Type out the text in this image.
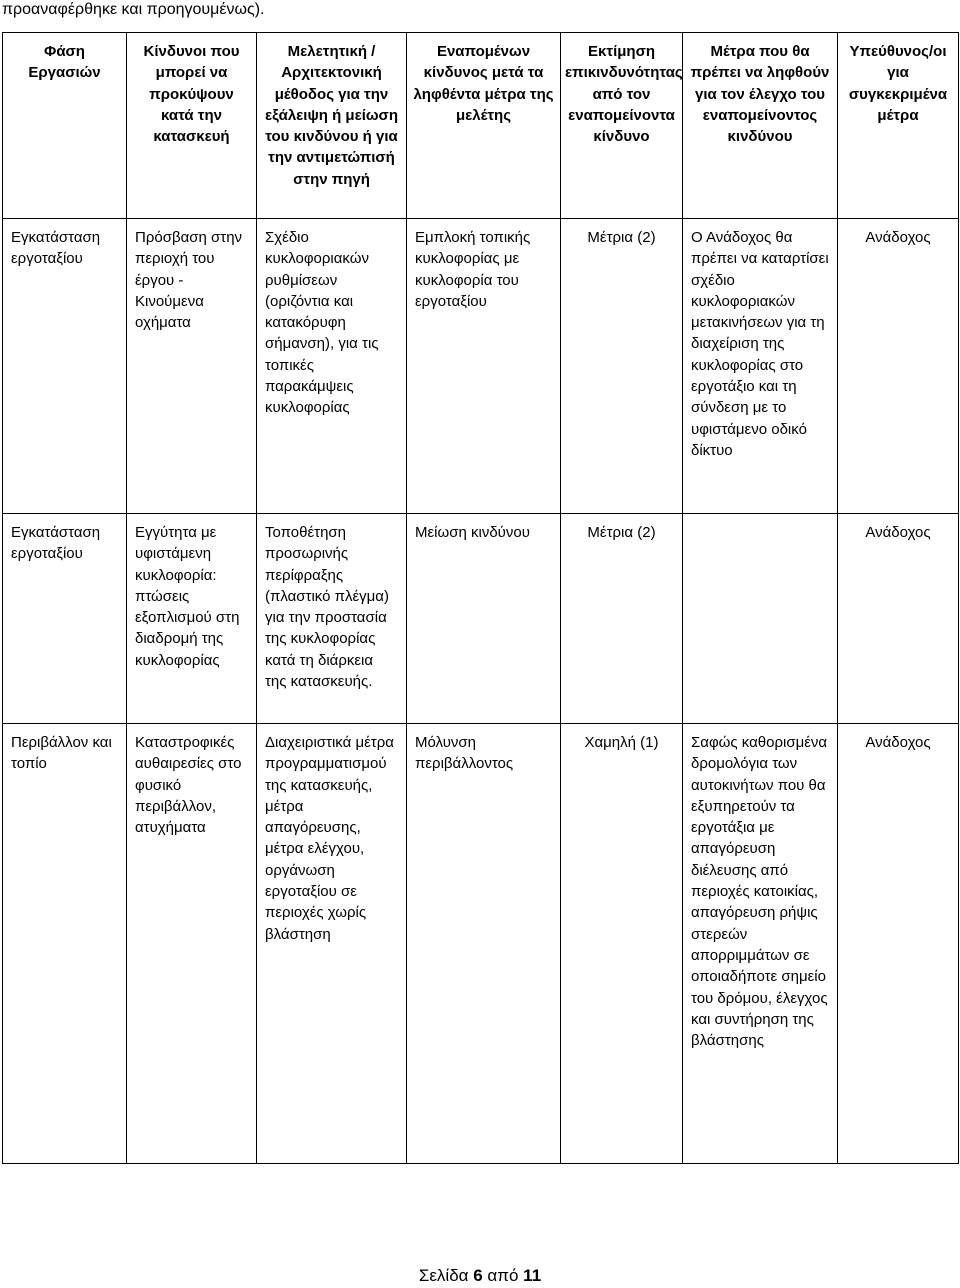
προαναφέρθηκε και προηγουμένως).
Φάση Εργασιών	Κίνδυνοι που μπορεί να προκύψουν κατά την κατασκευή	Μελετητική / Αρχιτεκτονική μέθοδος για την εξάλειψη ή μείωση του κινδύνου ή για την αντιμετώπισή στην πηγή	Εναπομένων κίνδυνος μετά τα ληφθέντα μέτρα της μελέτης	Εκτίμηση επικινδυνότητας από τον εναπομείνοντα κίνδυνο	Μέτρα που θα πρέπει να ληφθούν για τον έλεγχο του εναπομείνοντος κινδύνου	Υπεύθυνος/οι για συγκεκριμένα μέτρα
Εγκατάσταση εργοταξίου	Πρόσβαση στην περιοχή του έργου - Κινούμενα οχήματα	Σχέδιο κυκλοφοριακών ρυθμίσεων (οριζόντια και κατακόρυφη σήμανση), για τις τοπικές παρακάμψεις κυκλοφορίας	Εμπλοκή τοπικής κυκλοφορίας με κυκλοφορία του εργοταξίου	Μέτρια (2)	Ο Ανάδοχος θα πρέπει να καταρτίσει σχέδιο κυκλοφοριακών μετακινήσεων για τη διαχείριση της κυκλοφορίας στο εργοτάξιο και τη σύνδεση με το υφιστάμενο οδικό δίκτυο	Ανάδοχος
Εγκατάσταση εργοταξίου	Εγγύτητα με υφιστάμενη κυκλοφορία: πτώσεις εξοπλισμού στη διαδρομή της κυκλοφορίας	Τοποθέτηση προσωρινής περίφραξης (πλαστικό πλέγμα) για την προστασία της κυκλοφορίας κατά τη διάρκεια της κατασκευής.	Μείωση κινδύνου	Μέτρια (2)		Ανάδοχος
Περιβάλλον και τοπίο	Καταστροφικές αυθαιρεσίες στο φυσικό περιβάλλον, ατυχήματα	Διαχειριστικά μέτρα προγραμματισμού της κατασκευής, μέτρα απαγόρευσης, μέτρα ελέγχου, οργάνωση εργοταξίου σε περιοχές χωρίς βλάστηση	Μόλυνση περιβάλλοντος	Χαμηλή (1)	Σαφώς καθορισμένα δρομολόγια των αυτοκινήτων που θα εξυπηρετούν τα εργοτάξια με απαγόρευση διέλευσης από περιοχές κατοικίας, απαγόρευση ρήψις στερεών απορριμμάτων σε οποιαδήποτε σημείο του δρόμου, έλεγχος και συντήρηση της βλάστησης	Ανάδοχος
Σελίδα 6 από 11
